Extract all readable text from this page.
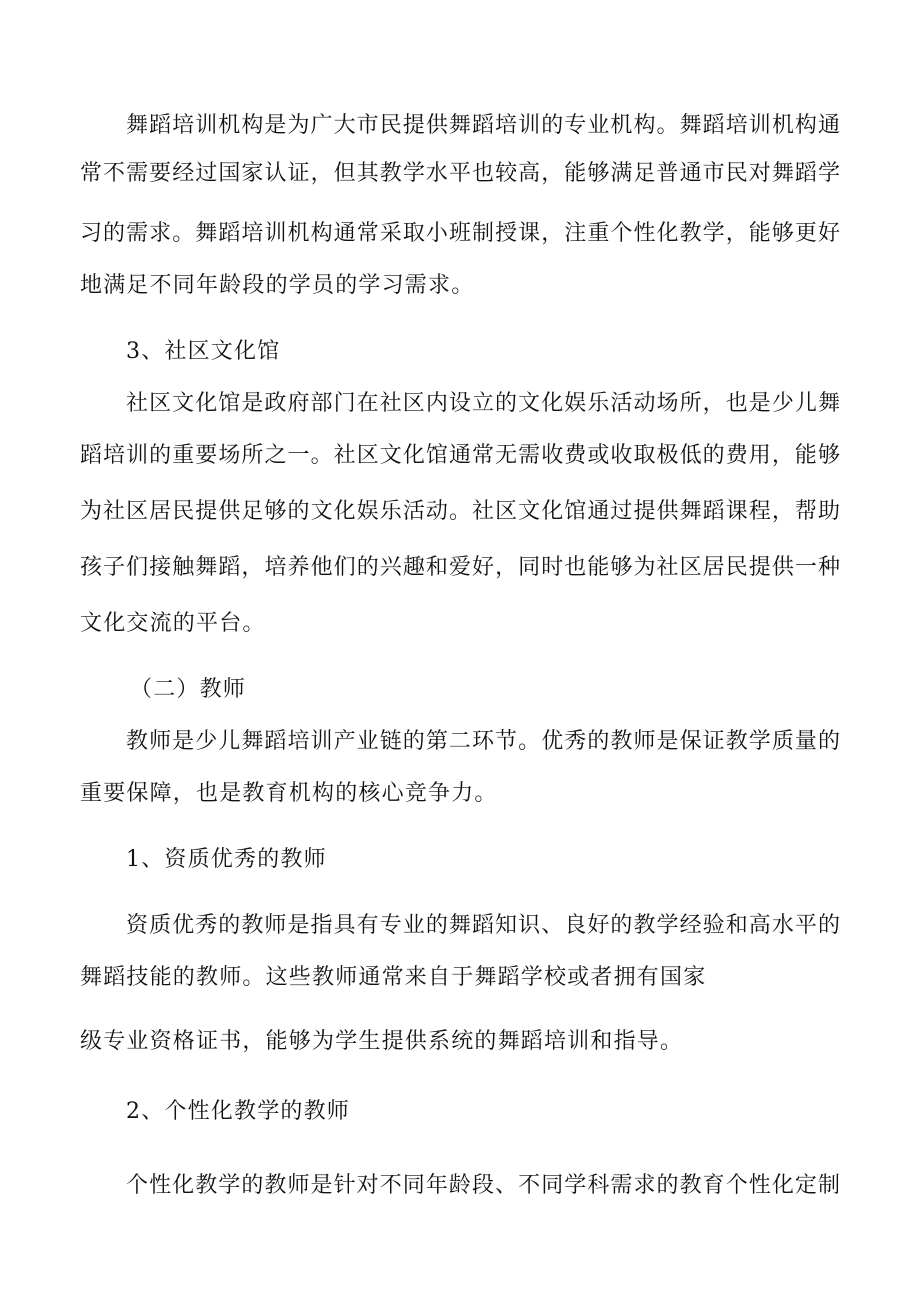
舞蹈培训机构是为广大市民提供舞蹈培训的专业机构。舞蹈培训机构通
常不需要经过国家认证，但其教学水平也较高，能够满足普通市民对舞蹈学
习的需求。舞蹈培训机构通常采取小班制授课，注重个性化教学，能够更好
地满足不同年龄段的学员的学习需求。
3、社区文化馆
社区文化馆是政府部门在社区内设立的文化娱乐活动场所，也是少儿舞
蹈培训的重要场所之一。社区文化馆通常无需收费或收取极低的费用，能够
为社区居民提供足够的文化娱乐活动。社区文化馆通过提供舞蹈课程，帮助
孩子们接触舞蹈，培养他们的兴趣和爱好，同时也能够为社区居民提供一种
文化交流的平台。
（二）教师
教师是少儿舞蹈培训产业链的第二环节。优秀的教师是保证教学质量的
重要保障，也是教育机构的核心竞争力。
1、资质优秀的教师
资质优秀的教师是指具有专业的舞蹈知识、良好的教学经验和高水平的
舞蹈技能的教师。这些教师通常来自于舞蹈学校或者拥有国家
级专业资格证书，能够为学生提供系统的舞蹈培训和指导。
2、个性化教学的教师
个性化教学的教师是针对不同年龄段、不同学科需求的教育个性化定制
